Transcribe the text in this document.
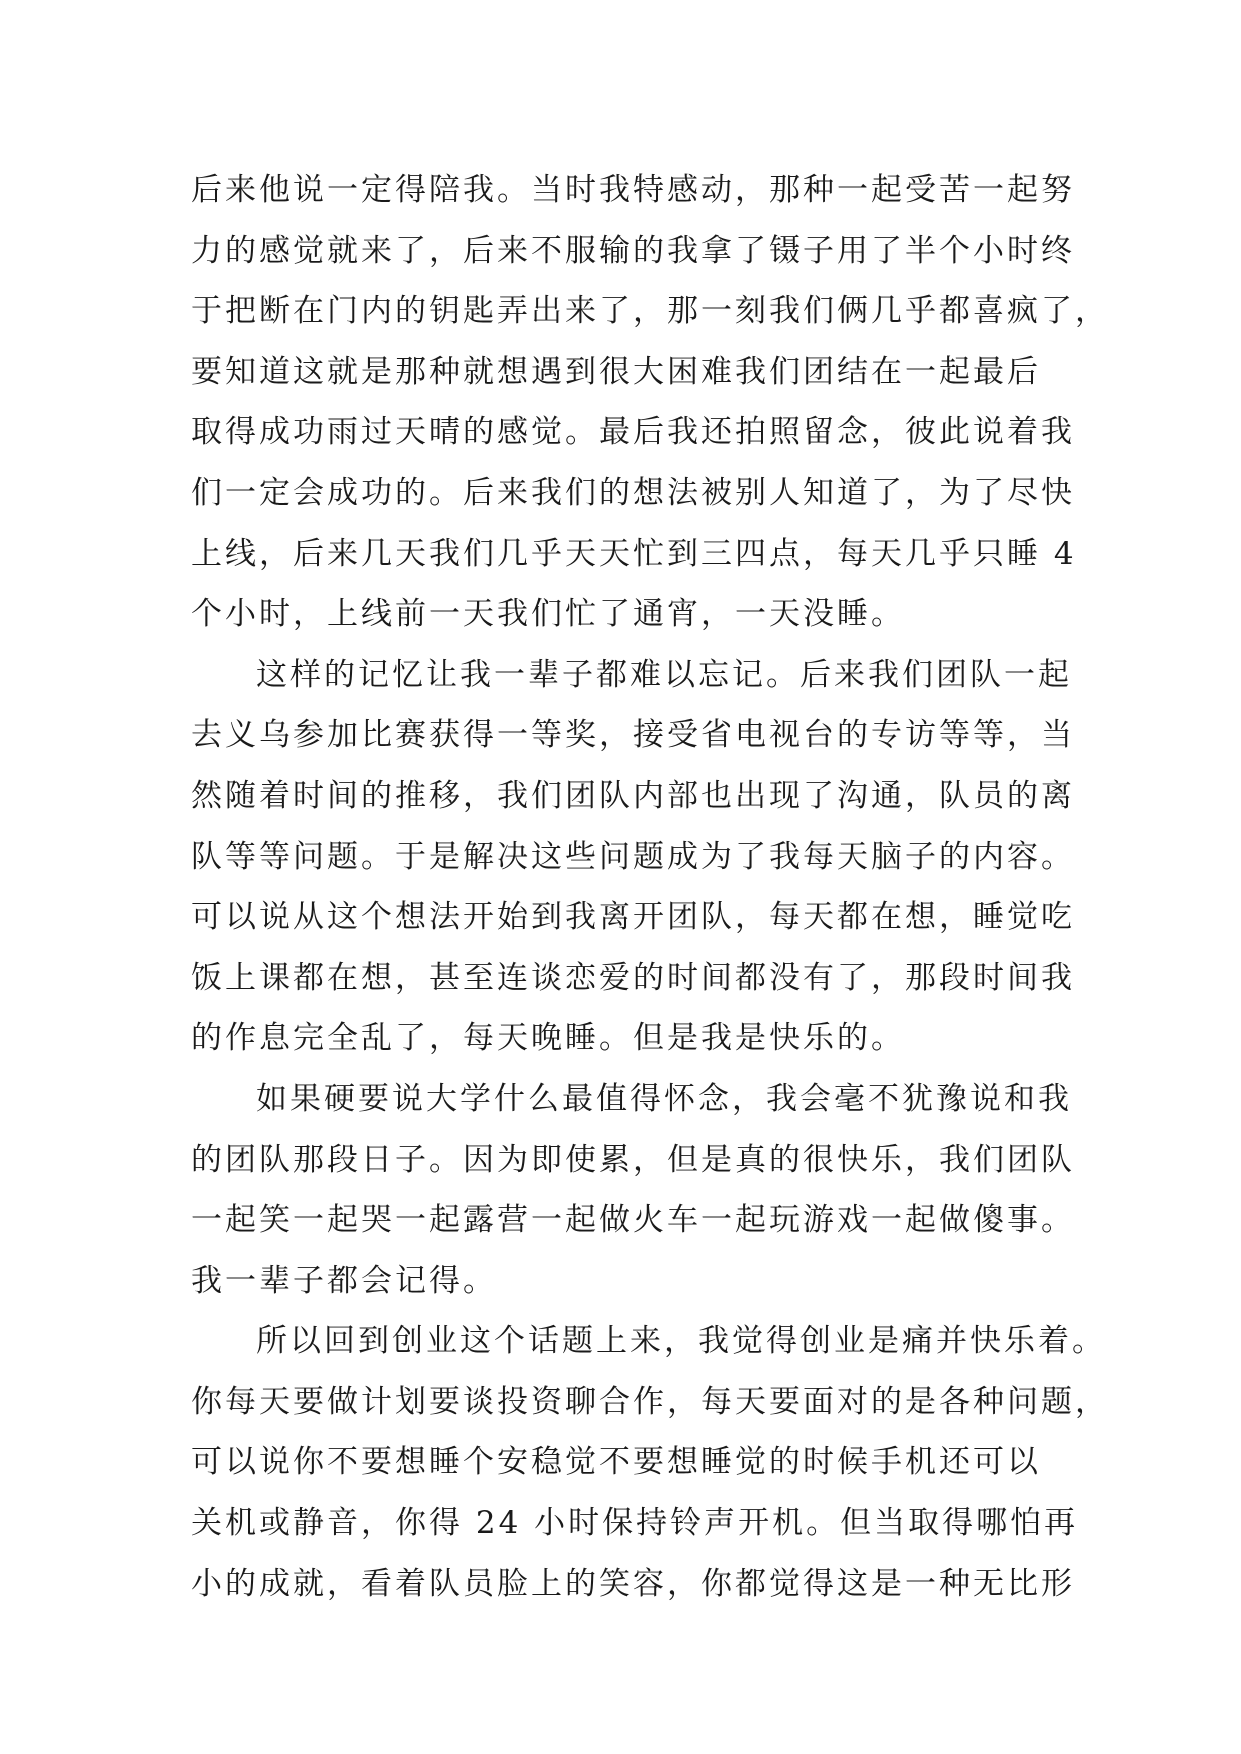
后来他说一定得陪我。当时我特感动，那种一起受苦一起努
力的感觉就来了，后来不服输的我拿了镊子用了半个小时终
于把断在门内的钥匙弄出来了，那一刻我们俩几乎都喜疯了，
要知道这就是那种就想遇到很大困难我们团结在一起最后
取得成功雨过天晴的感觉。最后我还拍照留念，彼此说着我
们一定会成功的。后来我们的想法被别人知道了，为了尽快
上线，后来几天我们几乎天天忙到三四点，每天几乎只睡 4
个小时，上线前一天我们忙了通宵，一天没睡。
这样的记忆让我一辈子都难以忘记。后来我们团队一起
去义乌参加比赛获得一等奖，接受省电视台的专访等等，当
然随着时间的推移，我们团队内部也出现了沟通，队员的离
队等等问题。于是解决这些问题成为了我每天脑子的内容。
可以说从这个想法开始到我离开团队，每天都在想，睡觉吃
饭上课都在想，甚至连谈恋爱的时间都没有了，那段时间我
的作息完全乱了，每天晚睡。但是我是快乐的。
如果硬要说大学什么最值得怀念，我会毫不犹豫说和我
的团队那段日子。因为即使累，但是真的很快乐，我们团队
一起笑一起哭一起露营一起做火车一起玩游戏一起做傻事。
我一辈子都会记得。
所以回到创业这个话题上来，我觉得创业是痛并快乐着。
你每天要做计划要谈投资聊合作，每天要面对的是各种问题，
可以说你不要想睡个安稳觉不要想睡觉的时候手机还可以
关机或静音，你得 24 小时保持铃声开机。但当取得哪怕再
小的成就，看着队员脸上的笑容，你都觉得这是一种无比形
